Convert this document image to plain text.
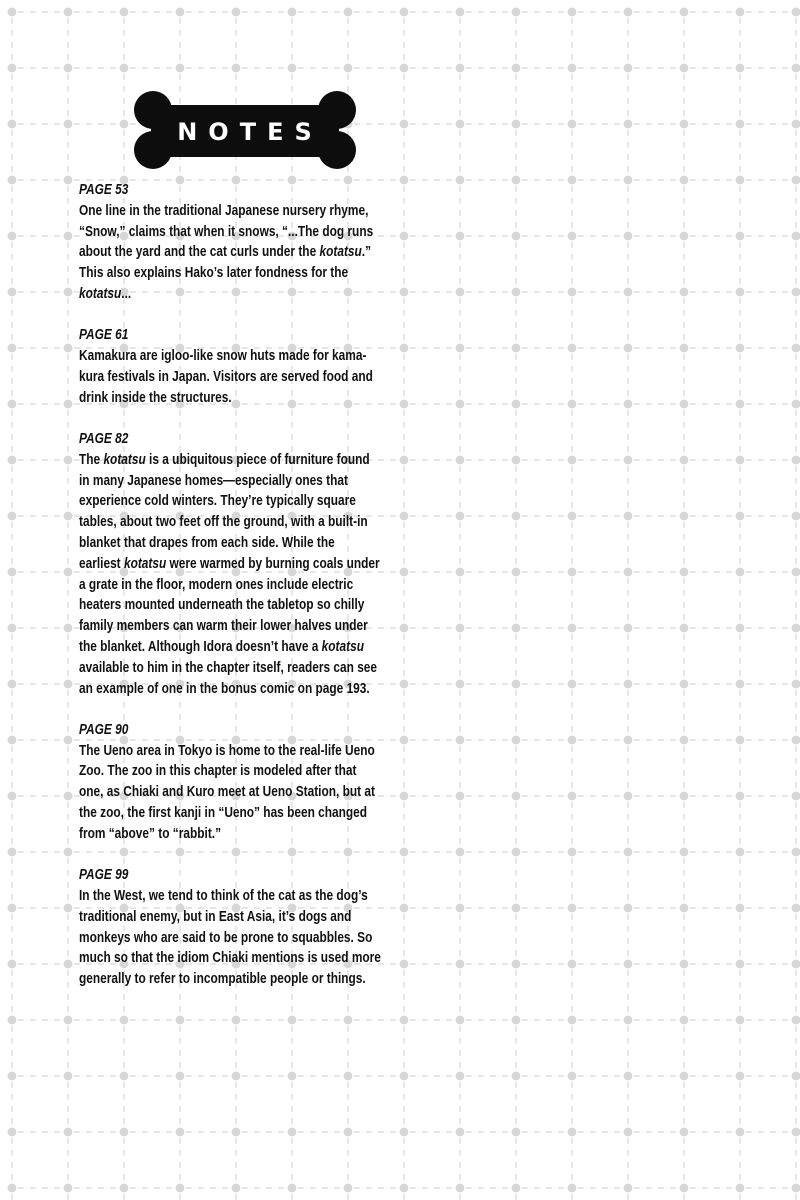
NOTES
PAGE 53
One line in the traditional Japanese nursery rhyme,
“Snow,” claims that when it snows, “...The dog runs
about the yard and the cat curls under the kotatsu.”
This also explains Hako’s later fondness for the
kotatsu...
PAGE 61
Kamakura are igloo-like snow huts made for kama-
kura festivals in Japan. Visitors are served food and
drink inside the structures.
PAGE 82
The kotatsu is a ubiquitous piece of furniture found
in many Japanese homes—especially ones that
experience cold winters. They’re typically square
tables, about two feet off the ground, with a built-in
blanket that drapes from each side. While the
earliest kotatsu were warmed by burning coals under
a grate in the floor, modern ones include electric
heaters mounted underneath the tabletop so chilly
family members can warm their lower halves under
the blanket. Although Idora doesn’t have a kotatsu
available to him in the chapter itself, readers can see
an example of one in the bonus comic on page 193.
PAGE 90
The Ueno area in Tokyo is home to the real-life Ueno
Zoo. The zoo in this chapter is modeled after that
one, as Chiaki and Kuro meet at Ueno Station, but at
the zoo, the first kanji in “Ueno” has been changed
from “above” to “rabbit.”
PAGE 99
In the West, we tend to think of the cat as the dog’s
traditional enemy, but in East Asia, it’s dogs and
monkeys who are said to be prone to squabbles. So
much so that the idiom Chiaki mentions is used more
generally to refer to incompatible people or things.
